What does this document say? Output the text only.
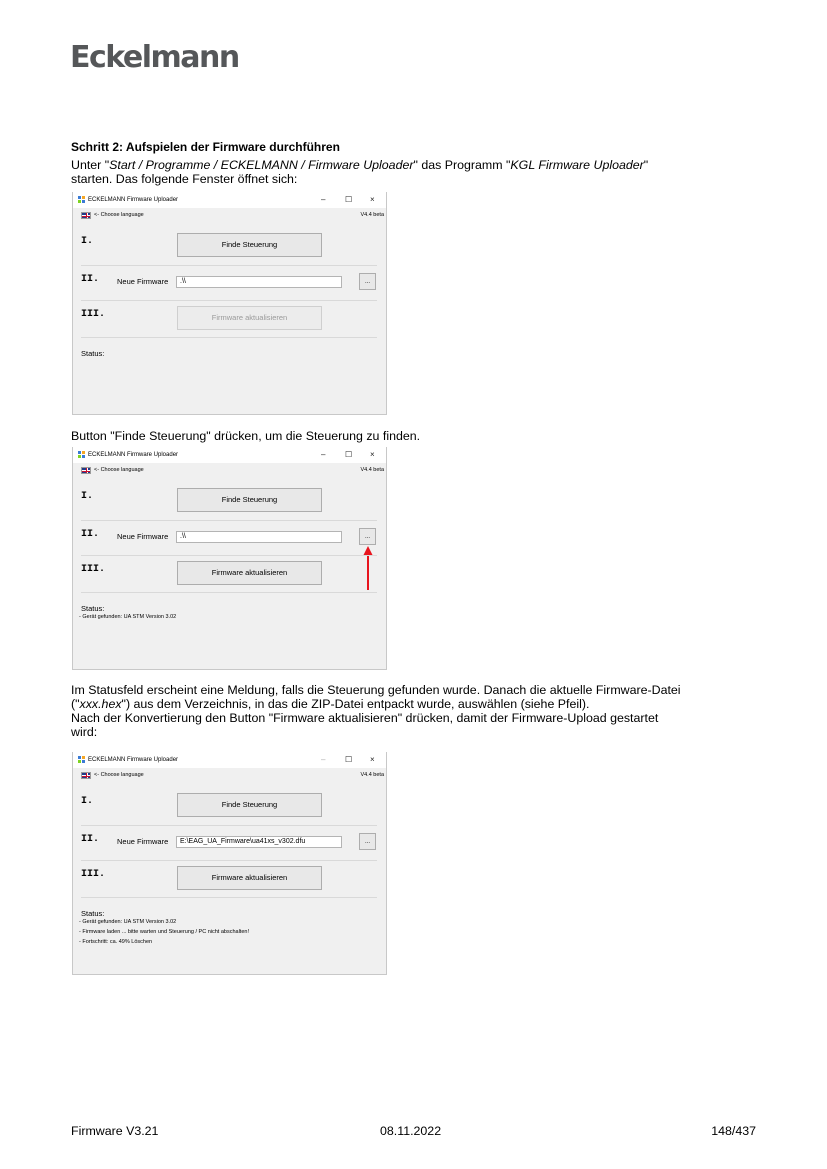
Eckelmann
Schritt 2: Aufspielen der Firmware durchführen
Unter "Start / Programme / ECKELMANN / Firmware Uploader" das Programm "KGL Firmware Uploader"
starten. Das folgende Fenster öffnet sich:
ECKELMANN Firmware Uploader	– ☐ ×
<- Choose language	V4.4 beta
I.	Finde Steuerung
II. Neue Firmware	.\\	...
III.	Firmware aktualisieren
Status:
Button "Finde Steuerung" drücken, um die Steuerung zu finden.
ECKELMANN Firmware Uploader	– ☐ ×
<- Choose language	V4.4 beta
I.	Finde Steuerung
II. Neue Firmware	.\\	...
III.	Firmware aktualisieren
Status:
- Gerät gefunden: UA STM Version 3.02
Im Statusfeld erscheint eine Meldung, falls die Steuerung gefunden wurde. Danach die aktuelle Firmware-Datei
("xxx.hex") aus dem Verzeichnis, in das die ZIP-Datei entpackt wurde, auswählen (siehe Pfeil).
Nach der Konvertierung den Button "Firmware aktualisieren" drücken, damit der Firmware-Upload gestartet
wird:
ECKELMANN Firmware Uploader	– ☐ ×
<- Choose language	V4.4 beta
I.	Finde Steuerung
II. Neue Firmware	E:\EAG_UA_Firmware\ua41xs_v302.dfu	...
III.	Firmware aktualisieren
Status:
- Gerät gefunden: UA STM Version 3.02
- Firmware laden ... bitte warten und Steuerung / PC nicht abschalten!
- Fortschritt: ca. 49% Löschen
Firmware V3.21	08.11.2022	148/437
